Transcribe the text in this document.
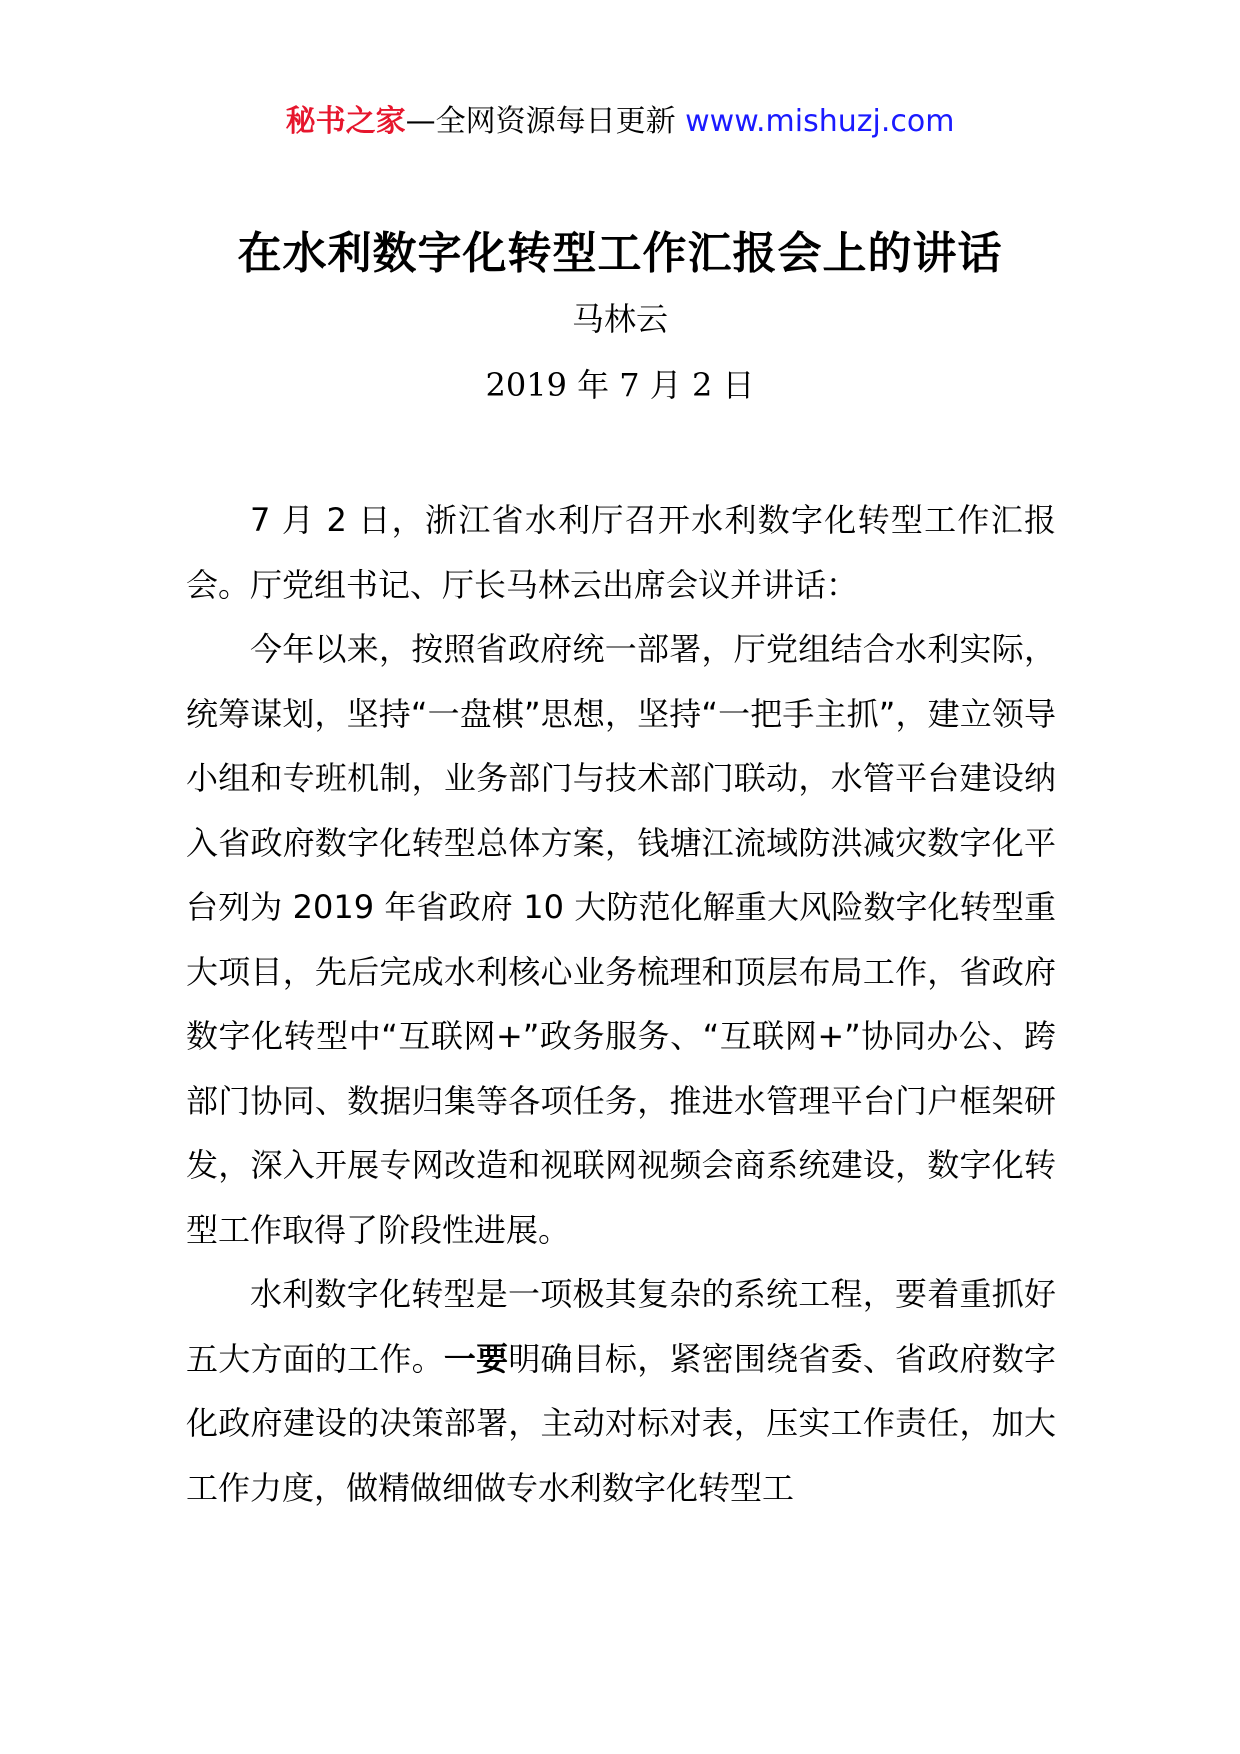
秘书之家—全网资源每日更新 www.mishuzj.com
在水利数字化转型工作汇报会上的讲话
马林云
2019 年 7 月 2 日

7 月 2 日，浙江省水利厅召开水利数字化转型工作汇报会。厅党组书记、厅长马林云出席会议并讲话：

今年以来，按照省政府统一部署，厅党组结合水利实际，统筹谋划，坚持“一盘棋”思想，坚持“一把手主抓”，建立领导小组和专班机制，业务部门与技术部门联动，水管平台建设纳入省政府数字化转型总体方案，钱塘江流域防洪减灾数字化平台列为 2019 年省政府 10 大防范化解重大风险数字化转型重大项目，先后完成水利核心业务梳理和顶层布局工作，省政府数字化转型中“互联网+”政务服务、“互联网+”协同办公、跨部门协同、数据归集等各项任务，推进水管理平台门户框架研发，深入开展专网改造和视联网视频会商系统建设，数字化转型工作取得了阶段性进展。

水利数字化转型是一项极其复杂的系统工程，要着重抓好五大方面的工作。一要明确目标，紧密围绕省委、省政府数字化政府建设的决策部署，主动对标对表，压实工作责任，加大工作力度，做精做细做专水利数字化转型工
